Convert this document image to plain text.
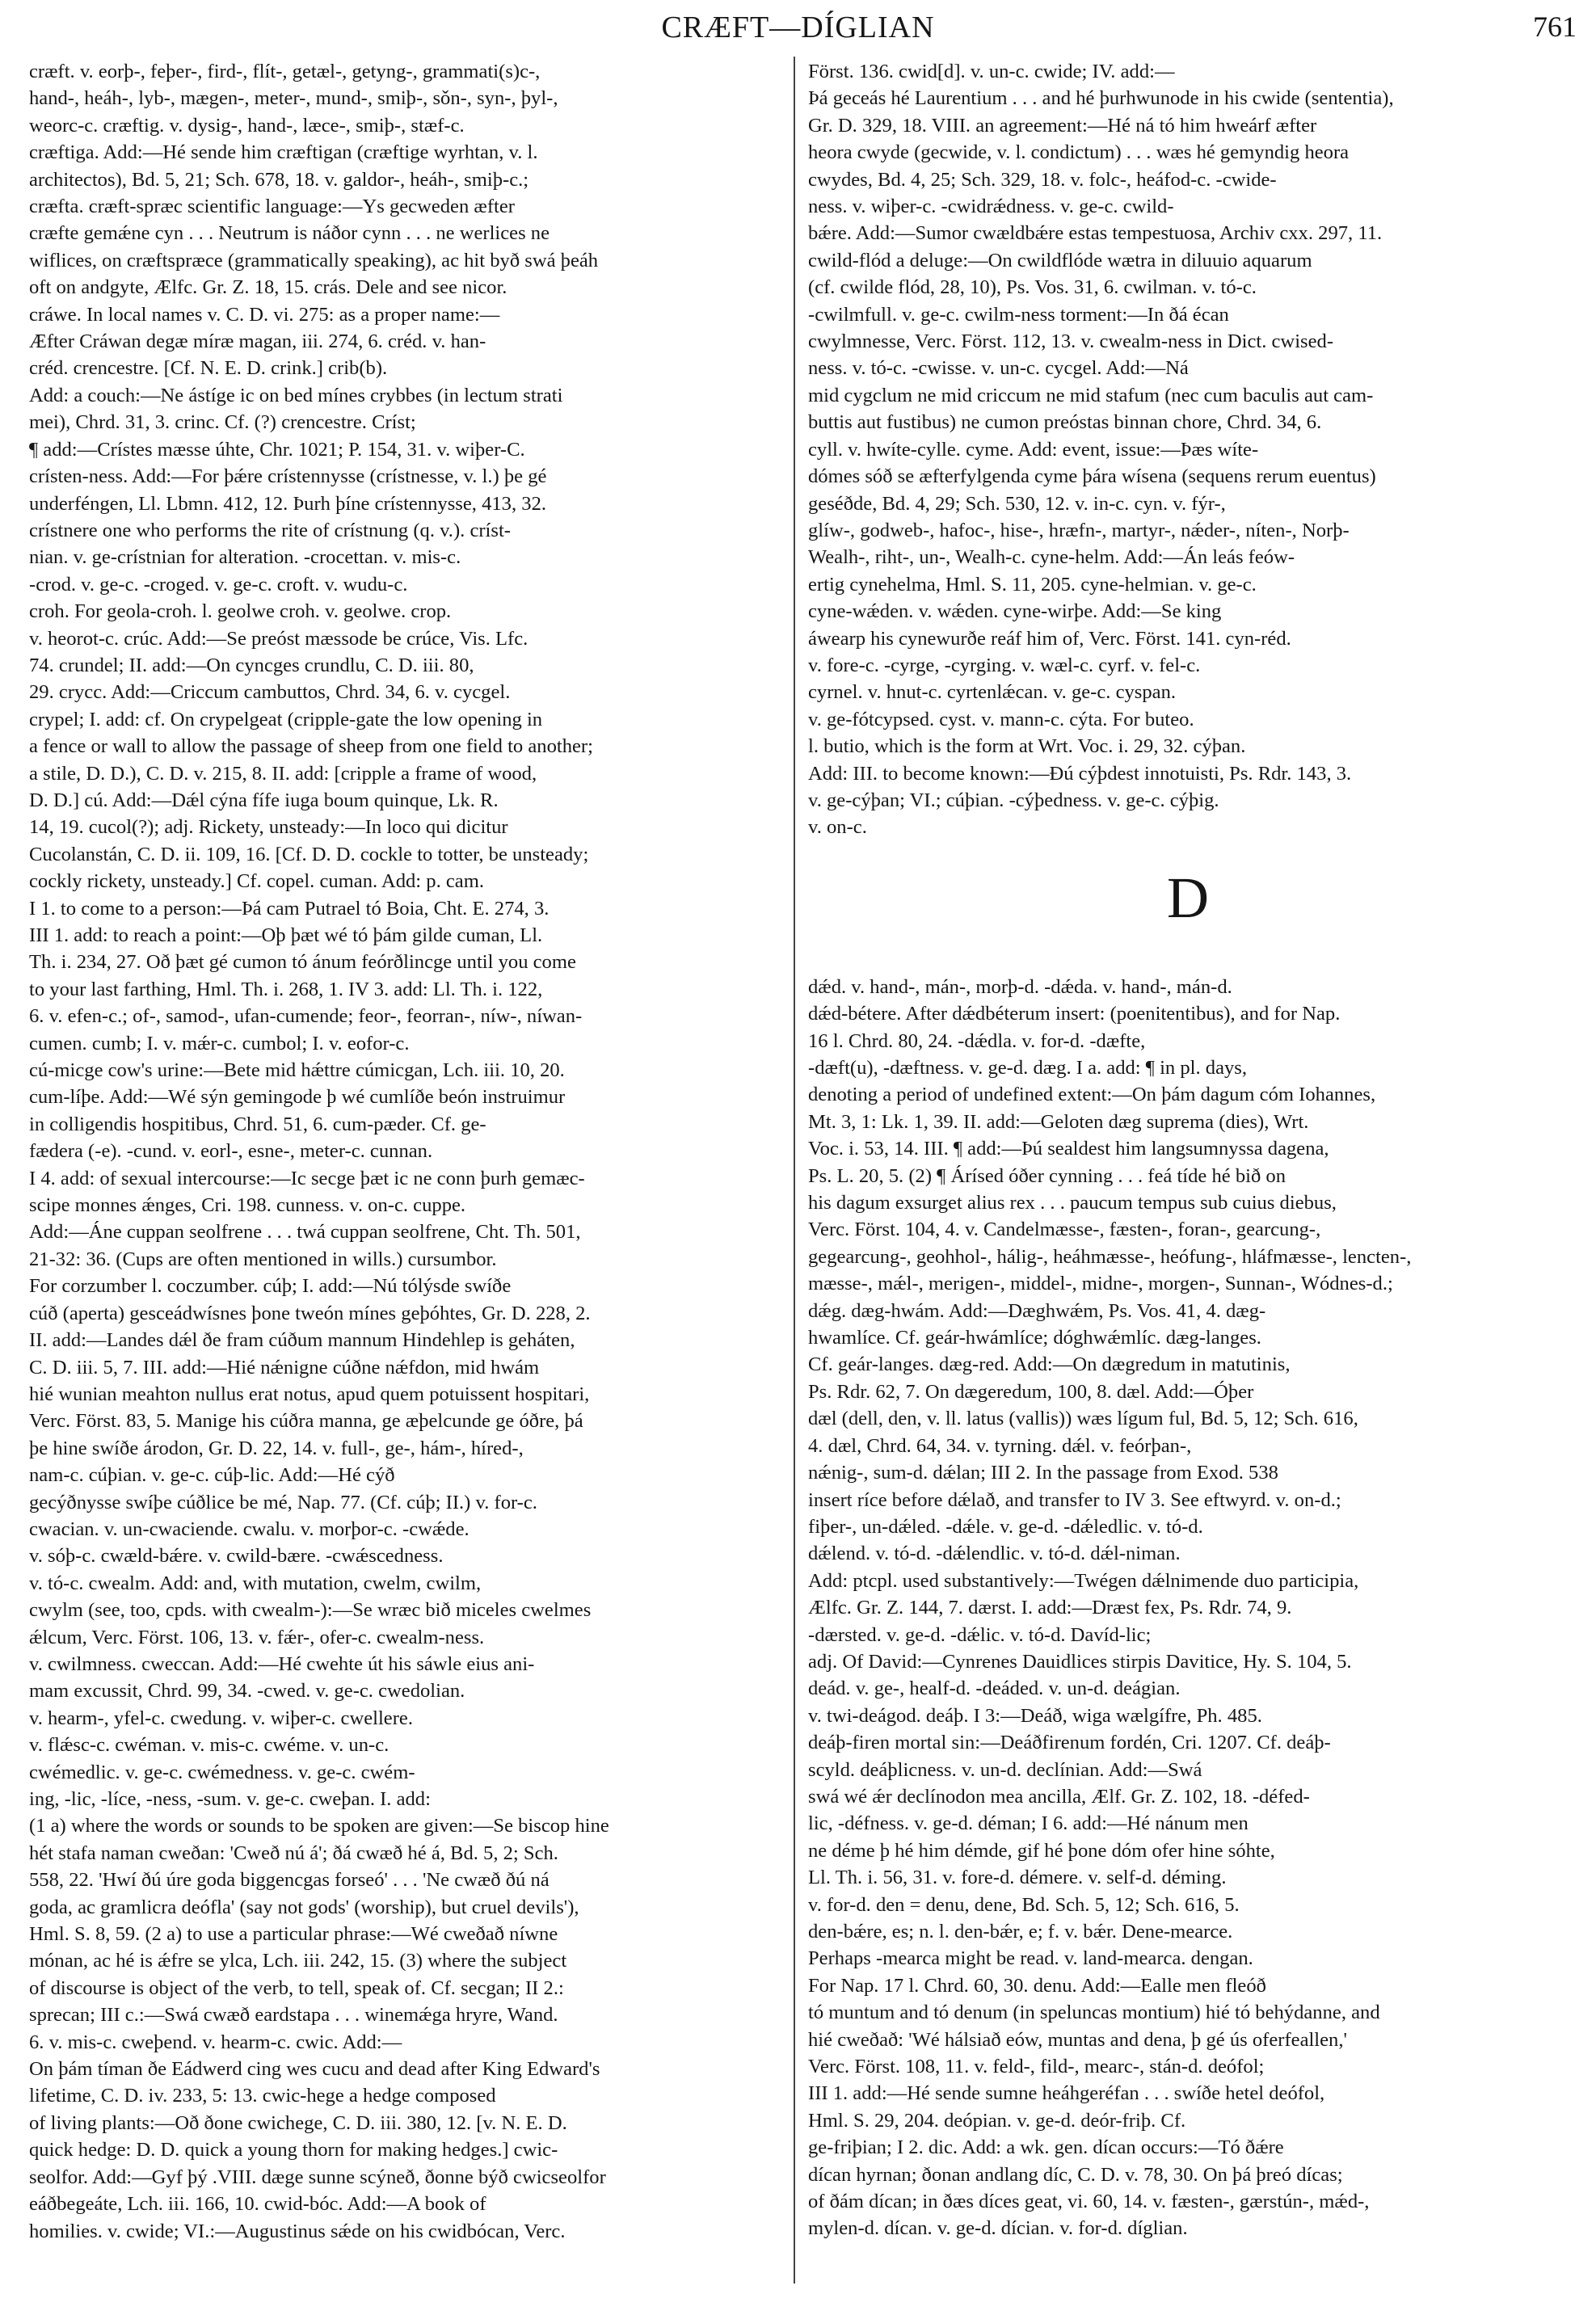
CRÆFT—DÍGLIAN	761

cræft. v. eorþ-, feþer-, fird-, flít-, getæl-, getyng-, grammati(s)c-,

hand-, heáh-, lyb-, mægen-, meter-, mund-, smiþ-, sǒn-, syn-, þyl-,

weorc-c. cræftig. v. dysig-, hand-, læce-, smiþ-, stæf-c.

cræftiga. Add:—Hé sende him cræftigan (cræftige wyrhtan, v. l.

architectos), Bd. 5, 21; Sch. 678, 18. v. galdor-, heáh-, smiþ-c.;

cræfta. cræft-spræc scientific language:—Ys gecweden æfter

cræfte gemǽne cyn . . . Neutrum is náðor cynn . . . ne werlices ne

wiflices, on cræftspræce (grammatically speaking), ac hit byð swá þeáh

oft on andgyte, Ælfc. Gr. Z. 18, 15. crás. Dele and see nicor.

cráwe. In local names v. C. D. vi. 275: as a proper name:—

Æfter Cráwan degæ míræ magan, iii. 274, 6. créd. v. han-

créd. crencestre. [Cf. N. E. D. crink.] crib(b).

Add: a couch:—Ne ástíge ic on bed mínes crybbes (in lectum strati

mei), Chrd. 31, 3. crinc. Cf. (?) crencestre. Críst;

¶ add:—Crístes mæsse úhte, Chr. 1021; P. 154, 31. v. wiþer-C.

crísten-ness. Add:—For þǽre crístennysse (crístnesse, v. l.) þe gé

underféngen, Ll. Lbmn. 412, 12. Þurh þíne crístennysse, 413, 32.

crístnere one who performs the rite of crístnung (q. v.). críst-

nian. v. ge-crístnian for alteration. -crocettan. v. mis-c.

-crod. v. ge-c. -croged. v. ge-c. croft. v. wudu-c.

croh. For geola-croh. l. geolwe croh. v. geolwe. crop.

v. heorot-c. crúc. Add:—Se preóst mæssode be crúce, Vis. Lfc.

74. crundel; II. add:—On cyncges crundlu, C. D. iii. 80,

29. crycc. Add:—Criccum cambuttos, Chrd. 34, 6. v. cycgel.

crypel; I. add: cf. On crypelgeat (cripple-gate the low opening in

a fence or wall to allow the passage of sheep from one field to another;

a stile, D. D.), C. D. v. 215, 8. II. add: [cripple a frame of wood,

D. D.] cú. Add:—Dǽl cýna fífe iuga boum quinque, Lk. R.

14, 19. cucol(?); adj. Rickety, unsteady:—In loco qui dicitur

Cucolanstán, C. D. ii. 109, 16. [Cf. D. D. cockle to totter, be unsteady;

cockly rickety, unsteady.] Cf. copel. cuman. Add: p. cam.

I 1. to come to a person:—Þá cam Putrael tó Boia, Cht. E. 274, 3.

III 1. add: to reach a point:—Oþ þæt wé tó þám gilde cuman, Ll.

Th. i. 234, 27. Oð þæt gé cumon tó ánum feórðlincge until you come

to your last farthing, Hml. Th. i. 268, 1. IV 3. add: Ll. Th. i. 122,

6. v. efen-c.; of-, samod-, ufan-cumende; feor-, feorran-, níw-, níwan-

cumen. cumb; I. v. mǽr-c. cumbol; I. v. eofor-c.

cú-micge cow's urine:—Bete mid hǽttre cúmicgan, Lch. iii. 10, 20.

cum-líþe. Add:—Wé sýn gemingode þ wé cumlíðe beón instruimur

in colligendis hospitibus, Chrd. 51, 6. cum-pæder. Cf. ge-

fædera (-e). -cund. v. eorl-, esne-, meter-c. cunnan.

I 4. add: of sexual intercourse:—Ic secge þæt ic ne conn þurh gemæc-

scipe monnes ǽnges, Cri. 198. cunness. v. on-c. cuppe.

Add:—Áne cuppan seolfrene . . . twá cuppan seolfrene, Cht. Th. 501,

21-32: 36. (Cups are often mentioned in wills.) cursumbor.

For corzumber l. coczumber. cúþ; I. add:—Nú tólýsde swíðe

cúð (aperta) gesceádwísnes þone tweón mínes geþóhtes, Gr. D. 228, 2.

II. add:—Landes dǽl ðe fram cúðum mannum Hindehlep is geháten,

C. D. iii. 5, 7. III. add:—Hié nǽnigne cúðne nǽfdon, mid hwám

hié wunian meahton nullus erat notus, apud quem potuissent hospitari,

Verc. Först. 83, 5. Manige his cúðra manna, ge æþelcunde ge óðre, þá

þe hine swíðe árodon, Gr. D. 22, 14. v. full-, ge-, hám-, híred-,

nam-c. cúþian. v. ge-c. cúþ-lic. Add:—Hé cýð

gecýðnysse swíþe cúðlice be mé, Nap. 77. (Cf. cúþ; II.) v. for-c.

cwacian. v. un-cwaciende. cwalu. v. morþor-c. -cwǽde.

v. sóþ-c. cwæld-bǽre. v. cwild-bære. -cwǽscedness.

v. tó-c. cwealm. Add: and, with mutation, cwelm, cwilm,

cwylm (see, too, cpds. with cwealm-):—Se wræc bið miceles cwelmes

ǽlcum, Verc. Först. 106, 13. v. fǽr-, ofer-c. cwealm-ness.

v. cwilmness. cweccan. Add:—Hé cwehte út his sáwle eius ani-

mam excussit, Chrd. 99, 34. -cwed. v. ge-c. cwedolian.

v. hearm-, yfel-c. cwedung. v. wiþer-c. cwellere.

v. flǽsc-c. cwéman. v. mis-c. cwéme. v. un-c.

cwémedlic. v. ge-c. cwémedness. v. ge-c. cwém-

ing, -lic, -líce, -ness, -sum. v. ge-c. cweþan. I. add:

(1 a) where the words or sounds to be spoken are given:—Se biscop hine

hét stafa naman cweðan: 'Cweð nú á'; ðá cwæð hé á, Bd. 5, 2; Sch.

558, 22. 'Hwí ðú úre goda biggencgas forseó' . . . 'Ne cwæð ðú ná

goda, ac gramlicra deófla' (say not gods' (worship), but cruel devils'),

Hml. S. 8, 59. (2 a) to use a particular phrase:—Wé cweðað níwne

mónan, ac hé is ǽfre se ylca, Lch. iii. 242, 15. (3) where the subject

of discourse is object of the verb, to tell, speak of. Cf. secgan; II 2.:

sprecan; III c.:—Swá cwæð eardstapa . . . winemǽga hryre, Wand.

6. v. mis-c. cweþend. v. hearm-c. cwic. Add:—

On þám tíman ðe Eádwerd cing wes cucu and dead after King Edward's

lifetime, C. D. iv. 233, 5: 13. cwic-hege a hedge composed

of living plants:—Oð ðone cwichege, C. D. iii. 380, 12. [v. N. E. D.

quick hedge: D. D. quick a young thorn for making hedges.] cwic-

seolfor. Add:—Gyf þý .VIII. dæge sunne scýneð, ðonne býð cwicseolfor

eáðbegeáte, Lch. iii. 166, 10. cwid-bóc. Add:—A book of

homilies. v. cwide; VI.:—Augustinus sǽde on his cwidbócan, Verc.

Först. 136. cwid[d]. v. un-c. cwide; IV. add:—

Þá geceás hé Laurentium . . . and hé þurhwunode in his cwide (sententia),

Gr. D. 329, 18. VIII. an agreement:—Hé ná tó him hweárf æfter

heora cwyde (gecwide, v. l. condictum) . . . wæs hé gemyndig heora

cwydes, Bd. 4, 25; Sch. 329, 18. v. folc-, heáfod-c. -cwide-

ness. v. wiþer-c. -cwidrǽdness. v. ge-c. cwild-

bǽre. Add:—Sumor cwældbǽre estas tempestuosa, Archiv cxx. 297, 11.

cwild-flód a deluge:—On cwildflóde wætra in diluuio aquarum

(cf. cwilde flód, 28, 10), Ps. Vos. 31, 6. cwilman. v. tó-c.

-cwilmfull. v. ge-c. cwilm-ness torment:—In ðá écan

cwylmnesse, Verc. Först. 112, 13. v. cwealm-ness in Dict. cwised-

ness. v. tó-c. -cwisse. v. un-c. cycgel. Add:—Ná

mid cygclum ne mid criccum ne mid stafum (nec cum baculis aut cam-

buttis aut fustibus) ne cumon preóstas binnan chore, Chrd. 34, 6.

cyll. v. hwíte-cylle. cyme. Add: event, issue:—Þæs wíte-

dómes sóð se æfterfylgenda cyme þára wísena (sequens rerum euentus)

geséðde, Bd. 4, 29; Sch. 530, 12. v. in-c. cyn. v. fýr-,

glíw-, godweb-, hafoc-, hise-, hræfn-, martyr-, nǽder-, níten-, Norþ-

Wealh-, riht-, un-, Wealh-c. cyne-helm. Add:—Án leás feów-

ertig cynehelma, Hml. S. 11, 205. cyne-helmian. v. ge-c.

cyne-wǽden. v. wǽden. cyne-wirþe. Add:—Se king

áwearp his cynewurðe reáf him of, Verc. Först. 141. cyn-réd.

v. fore-c. -cyrge, -cyrging. v. wæl-c. cyrf. v. fel-c.

cyrnel. v. hnut-c. cyrtenlǽcan. v. ge-c. cyspan.

v. ge-fótcypsed. cyst. v. mann-c. cýta. For buteo.

l. butio, which is the form at Wrt. Voc. i. 29, 32. cýþan.

Add: III. to become known:—Ðú cýþdest innotuisti, Ps. Rdr. 143, 3.

v. ge-cýþan; VI.; cúþian. -cýþedness. v. ge-c. cýþig.

v. on-c.

D

dǽd. v. hand-, mán-, morþ-d. -dǽda. v. hand-, mán-d.

dǽd-bétere. After dǽdbéterum insert: (poenitentibus), and for Nap.

16 l. Chrd. 80, 24. -dǽdla. v. for-d. -dæfte,

-dæft(u), -dæftness. v. ge-d. dæg. I a. add: ¶ in pl. days,

denoting a period of undefined extent:—On þám dagum cóm Iohannes,

Mt. 3, 1: Lk. 1, 39. II. add:—Geloten dæg suprema (dies), Wrt.

Voc. i. 53, 14. III. ¶ add:—Þú sealdest him langsumnyssa dagena,

Ps. L. 20, 5. (2) ¶ Árísed óðer cynning . . . feá tíde hé bið on

his dagum exsurget alius rex . . . paucum tempus sub cuius diebus,

Verc. Först. 104, 4. v. Candelmæsse-, fæsten-, foran-, gearcung-,

gegearcung-, geohhol-, hálig-, heáhmæsse-, heófung-, hláfmæsse-, lencten-,

mæsse-, mǽl-, merigen-, middel-, midne-, morgen-, Sunnan-, Wódnes-d.;

dǽg. dæg-hwám. Add:—Dæghwǽm, Ps. Vos. 41, 4. dæg-

hwamlíce. Cf. geár-hwámlíce; dóghwǽmlíc. dæg-langes.

Cf. geár-langes. dæg-red. Add:—On dægredum in matutinis,

Ps. Rdr. 62, 7. On dægeredum, 100, 8. dæl. Add:—Óþer

dæl (dell, den, v. ll. latus (vallis)) wæs lígum ful, Bd. 5, 12; Sch. 616,

4. dæl, Chrd. 64, 34. v. tyrning. dǽl. v. feórþan-,

nǽnig-, sum-d. dǽlan; III 2. In the passage from Exod. 538

insert ríce before dǽlað, and transfer to IV 3. See eftwyrd. v. on-d.;

fiþer-, un-dǽled. -dǽle. v. ge-d. -dǽledlic. v. tó-d.

dǽlend. v. tó-d. -dǽlendlic. v. tó-d. dǽl-niman.

Add: ptcpl. used substantively:—Twégen dǽlnimende duo participia,

Ælfc. Gr. Z. 144, 7. dærst. I. add:—Dræst fex, Ps. Rdr. 74, 9.

-dærsted. v. ge-d. -dǽlic. v. tó-d. Davíd-lic;

adj. Of David:—Cynrenes Dauidlices stirpis Davitice, Hy. S. 104, 5.

deád. v. ge-, healf-d. -deáded. v. un-d. deágian.

v. twi-deágod. deáþ. I 3:—Deáð, wiga wælgífre, Ph. 485.

deáþ-firen mortal sin:—Deáðfirenum fordén, Cri. 1207. Cf. deáþ-

scyld. deáþlicness. v. un-d. declínian. Add:—Swá

swá wé ǽr declínodon mea ancilla, Ælf. Gr. Z. 102, 18. -défed-

lic, -défness. v. ge-d. déman; I 6. add:—Hé nánum men

ne déme þ hé him démde, gif hé þone dóm ofer hine sóhte,

Ll. Th. i. 56, 31. v. fore-d. démere. v. self-d. déming.

v. for-d. den = denu, dene, Bd. Sch. 5, 12; Sch. 616, 5.

den-bǽre, es; n. l. den-bǽr, e; f. v. bǽr. Dene-mearce.

Perhaps -mearca might be read. v. land-mearca. dengan.

For Nap. 17 l. Chrd. 60, 30. denu. Add:—Ealle men fleóð

tó muntum and tó denum (in speluncas montium) hié tó behýdanne, and

hié cweðað: 'Wé hálsiað eów, muntas and dena, þ gé ús oferfeallen,'

Verc. Först. 108, 11. v. feld-, fild-, mearc-, stán-d. deófol;

III 1. add:—Hé sende sumne heáhgeréfan . . . swíðe hetel deófol,

Hml. S. 29, 204. deópian. v. ge-d. deór-friþ. Cf.

ge-friþian; I 2. dic. Add: a wk. gen. dícan occurs:—Tó ðǽre

dícan hyrnan; ðonan andlang díc, C. D. v. 78, 30. On þá þreó dícas;

of ðám dícan; in ðæs díces geat, vi. 60, 14. v. fæsten-, gærstún-, mǽd-,

mylen-d. dícan. v. ge-d. dícian. v. for-d. díglian.
